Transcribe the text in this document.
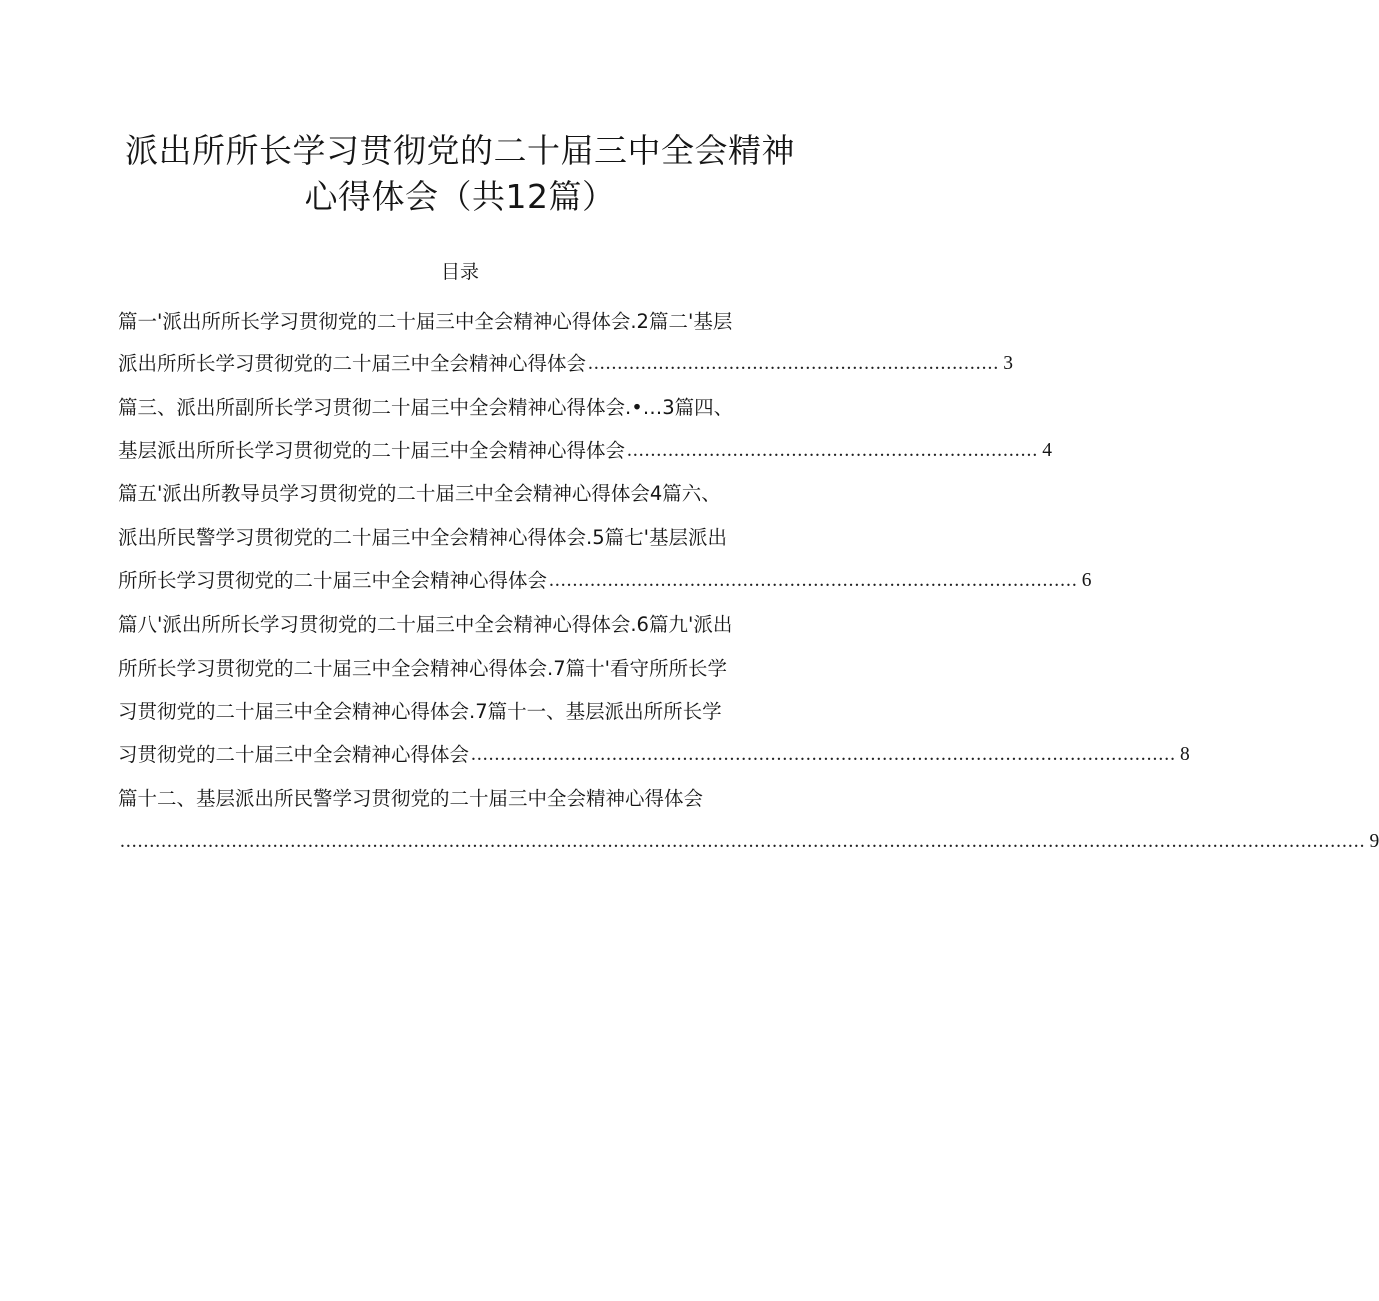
派出所所长学习贯彻党的二十届三中全会精神
心得体会（共12篇）
目录
篇一'派出所所长学习贯彻党的二十届三中全会精神心得体会.2篇二'基层
派出所所长学习贯彻党的二十届三中全会精神心得体会 ...................................................................... 3
篇三、派出所副所长学习贯彻二十届三中全会精神心得体会.•…3篇四、
基层派出所所长学习贯彻党的二十届三中全会精神心得体会 ...................................................................... 4
篇五'派出所教导员学习贯彻党的二十届三中全会精神心得体会4篇六、
派出所民警学习贯彻党的二十届三中全会精神心得体会.5篇七'基层派出
所所长学习贯彻党的二十届三中全会精神心得体会 .......................................................................................... 6
篇八'派出所所长学习贯彻党的二十届三中全会精神心得体会.6篇九'派出
所所长学习贯彻党的二十届三中全会精神心得体会.7篇十'看守所所长学
习贯彻党的二十届三中全会精神心得体会.7篇十一、基层派出所所长学
习贯彻党的二十届三中全会精神心得体会 ........................................................................................................................ 8
篇十二、基层派出所民警学习贯彻党的二十届三中全会精神心得体会
.................................................................................................................................................................................................................... 9
